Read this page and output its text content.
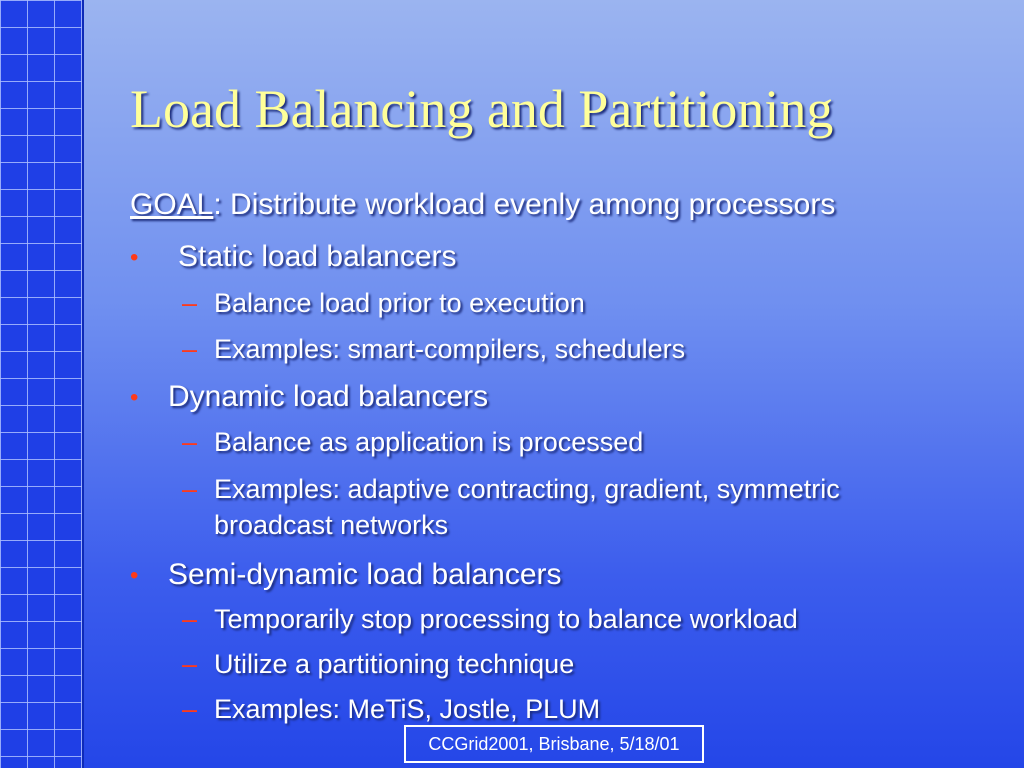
Load Balancing and Partitioning
GOAL: Distribute workload evenly among processors
• Static load balancers
– Balance load prior to execution
– Examples: smart-compilers, schedulers
• Dynamic load balancers
– Balance as application is processed
– Examples: adaptive contracting, gradient, symmetric
broadcast networks
• Semi-dynamic load balancers
– Temporarily stop processing to balance workload
– Utilize a partitioning technique
– Examples: MeTiS, Jostle, PLUM
CCGrid2001, Brisbane, 5/18/01
